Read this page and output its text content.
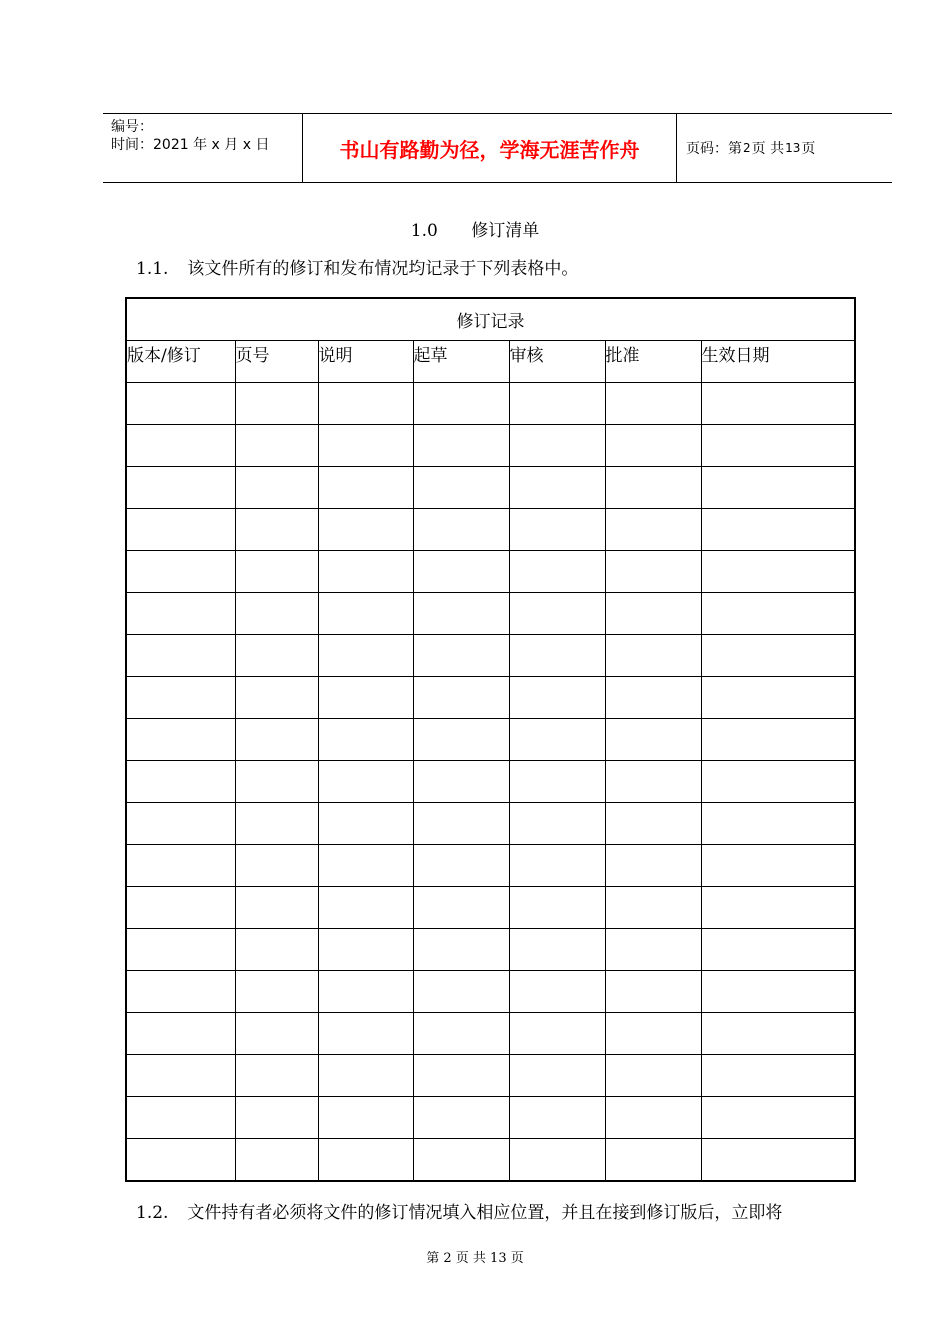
编号：
时间：2021 年 x 月 x 日	书山有路勤为径，学海无涯苦作舟	页码：第 2 页 共 13 页
1.0 修订清单
1.1. 该文件所有的修订和发布情况均记录于下列表格中。
修订记录						
版本/修订	页号	说明	起草	审核	批准	生效日期

1.2. 文件持有者必须将文件的修订情况填入相应位置，并且在接到修订版后，立即将
第 2 页 共 13 页
